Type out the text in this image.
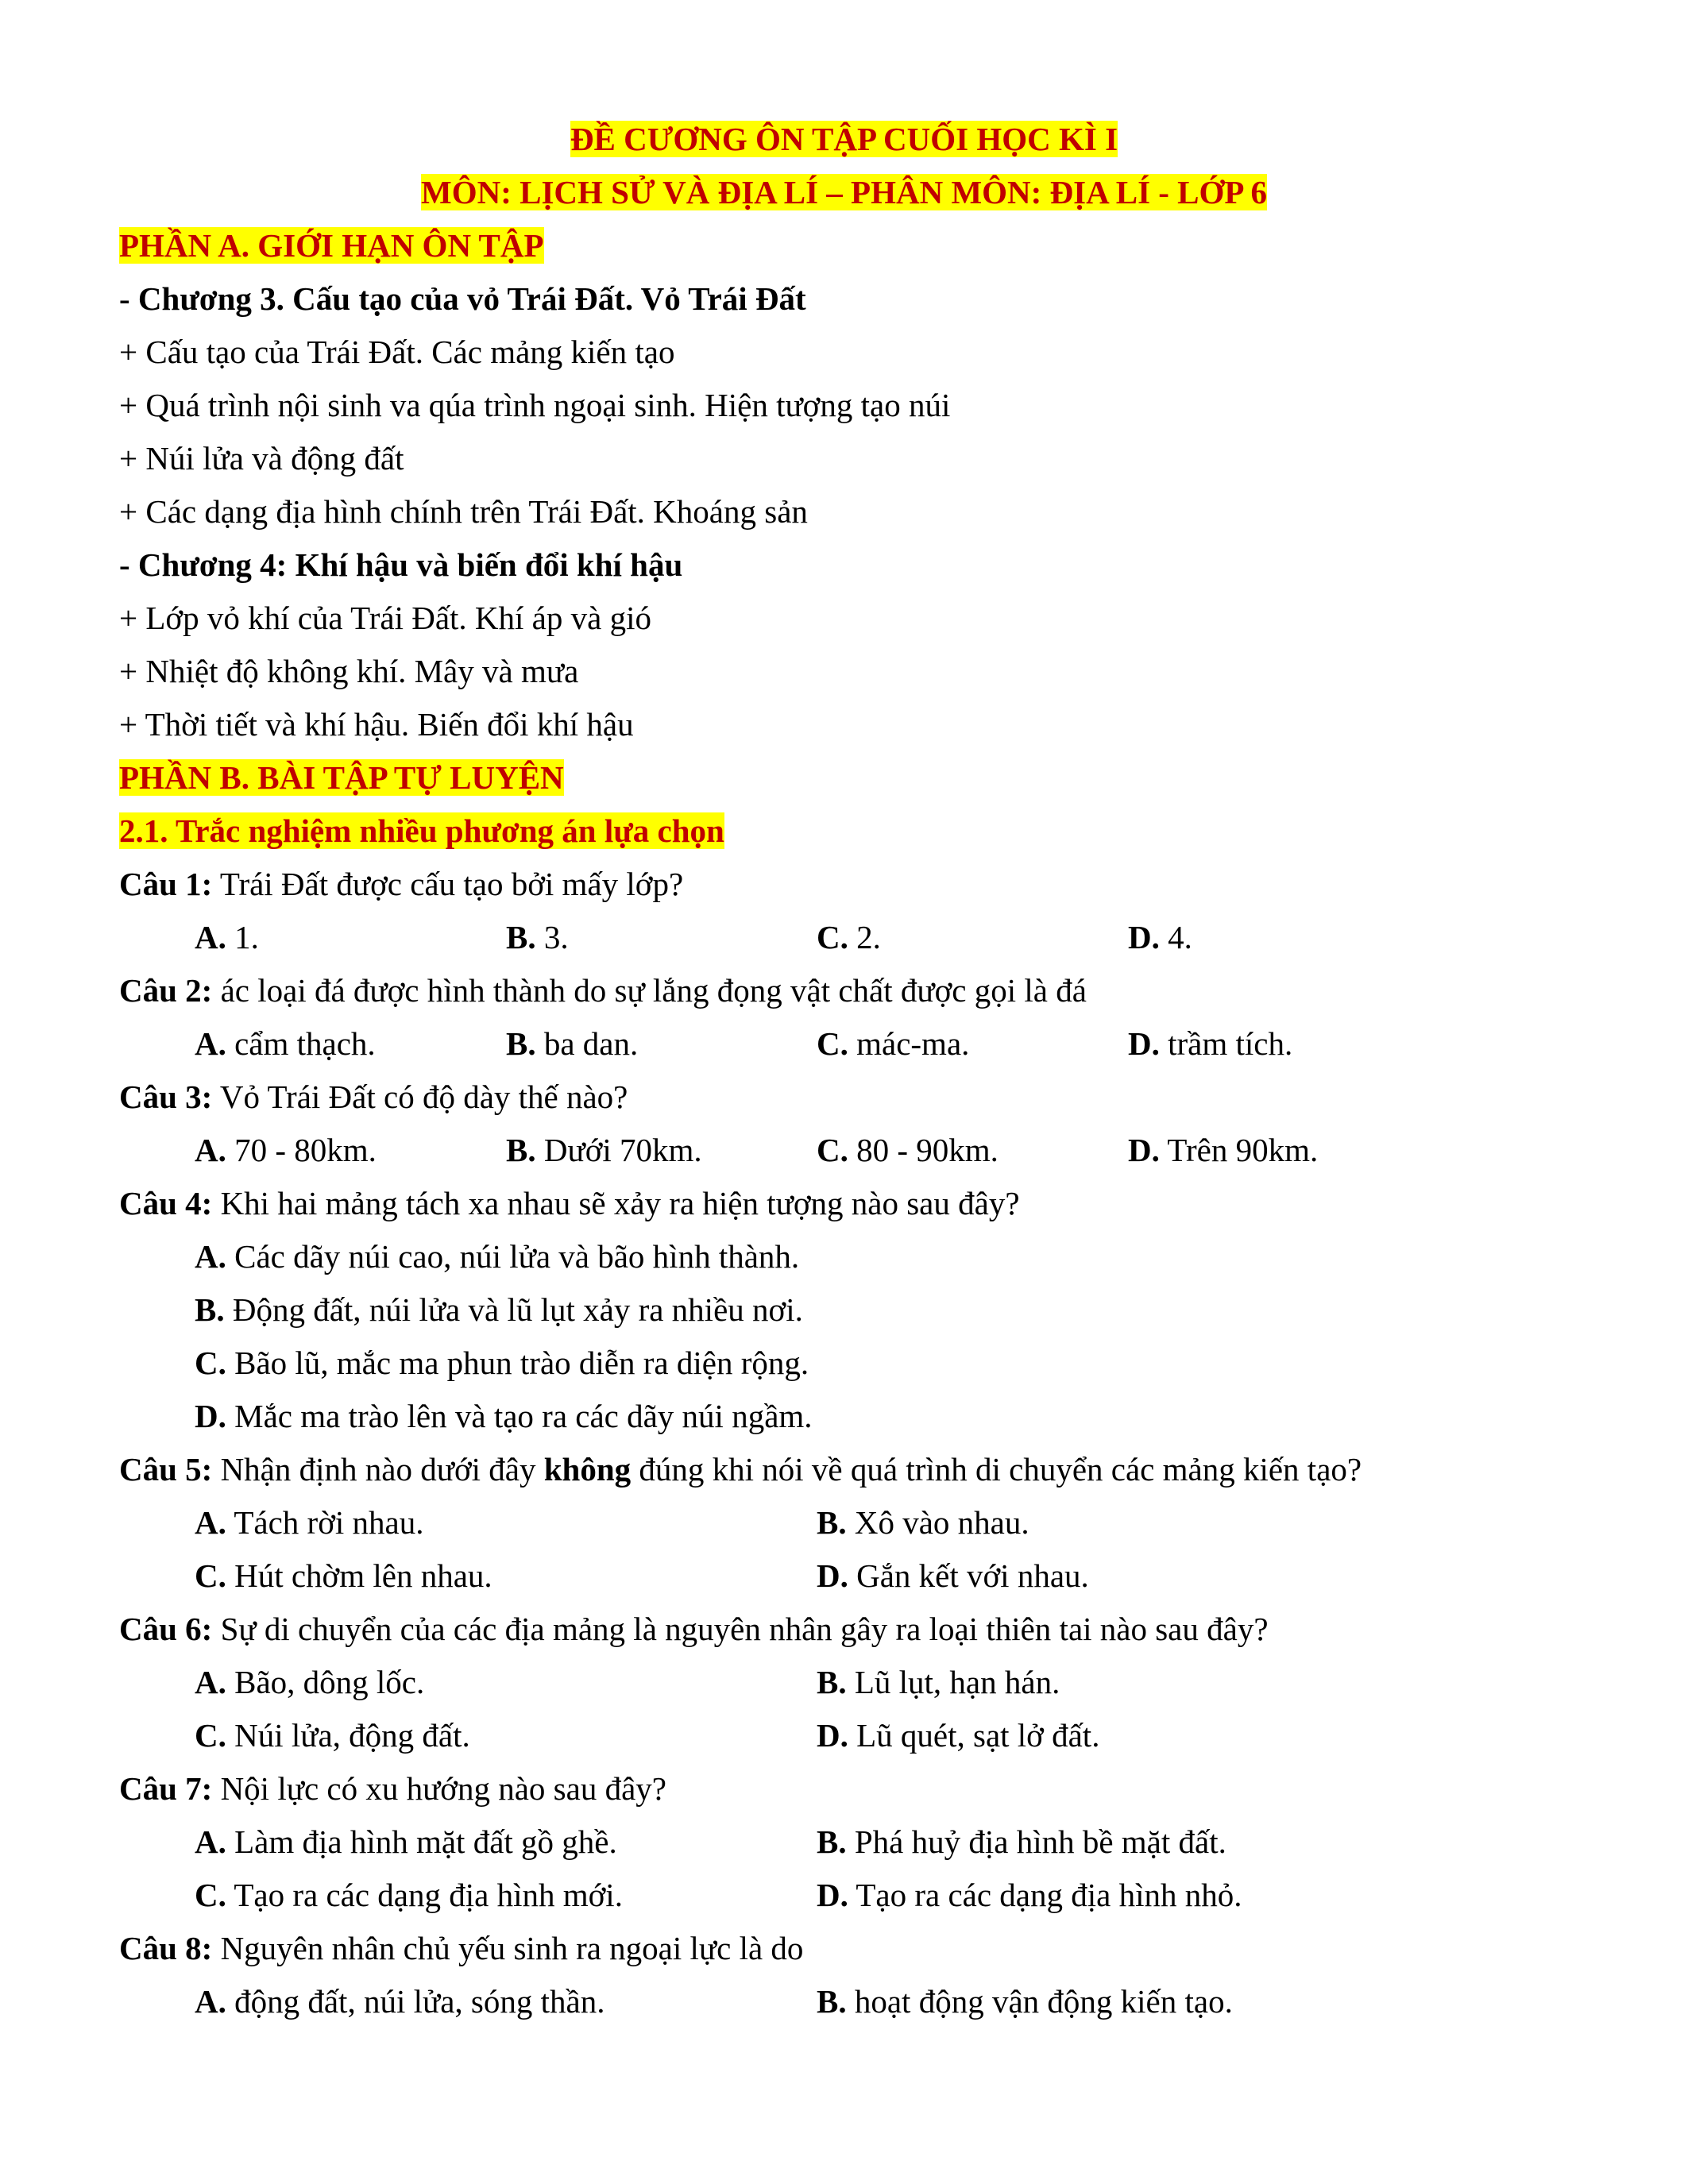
ĐỀ CƯƠNG ÔN TẬP CUỐI HỌC KÌ I
MÔN: LỊCH SỬ VÀ ĐỊA LÍ – PHÂN MÔN: ĐỊA LÍ - LỚP 6
PHẦN A. GIỚI HẠN ÔN TẬP
- Chương 3. Cấu tạo của vỏ Trái Đất. Vỏ Trái Đất
+ Cấu tạo của Trái Đất. Các mảng kiến tạo
+ Quá trình nội sinh va qúa trình ngoại sinh. Hiện tượng tạo núi
+ Núi lửa và động đất
+ Các dạng địa hình chính trên Trái Đất. Khoáng sản
- Chương 4: Khí hậu và biến đổi khí hậu
+ Lớp vỏ khí của Trái Đất. Khí áp và gió
+ Nhiệt độ không khí. Mây và mưa
+ Thời tiết và khí hậu. Biến đổi khí hậu
PHẦN B. BÀI TẬP TỰ LUYỆN
2.1. Trắc nghiệm nhiều phương án lựa chọn
Câu 1: Trái Đất được cấu tạo bởi mấy lớp?
A. 1.	B. 3.	C. 2.	D. 4.
Câu 2: ác loại đá được hình thành do sự lắng đọng vật chất được gọi là đá
A. cẩm thạch.	B. ba dan.	C. mác-ma.	D. trầm tích.
Câu 3: Vỏ Trái Đất có độ dày thế nào?
A. 70 - 80km.	B. Dưới 70km.	C. 80 - 90km.	D. Trên 90km.
Câu 4: Khi hai mảng tách xa nhau sẽ xảy ra hiện tượng nào sau đây?
A. Các dãy núi cao, núi lửa và bão hình thành.
B. Động đất, núi lửa và lũ lụt xảy ra nhiều nơi.
C. Bão lũ, mắc ma phun trào diễn ra diện rộng.
D. Mắc ma trào lên và tạo ra các dãy núi ngầm.
Câu 5: Nhận định nào dưới đây không đúng khi nói về quá trình di chuyển các mảng kiến tạo?
A. Tách rời nhau.	B. Xô vào nhau.
C. Hút chờm lên nhau.	D. Gắn kết với nhau.
Câu 6: Sự di chuyển của các địa mảng là nguyên nhân gây ra loại thiên tai nào sau đây?
A. Bão, dông lốc.	B. Lũ lụt, hạn hán.
C. Núi lửa, động đất.	D. Lũ quét, sạt lở đất.
Câu 7: Nội lực có xu hướng nào sau đây?
A. Làm địa hình mặt đất gồ ghề.	B. Phá huỷ địa hình bề mặt đất.
C. Tạo ra các dạng địa hình mới.	D. Tạo ra các dạng địa hình nhỏ.
Câu 8: Nguyên nhân chủ yếu sinh ra ngoại lực là do
A. động đất, núi lửa, sóng thần.	B. hoạt động vận động kiến tạo.
